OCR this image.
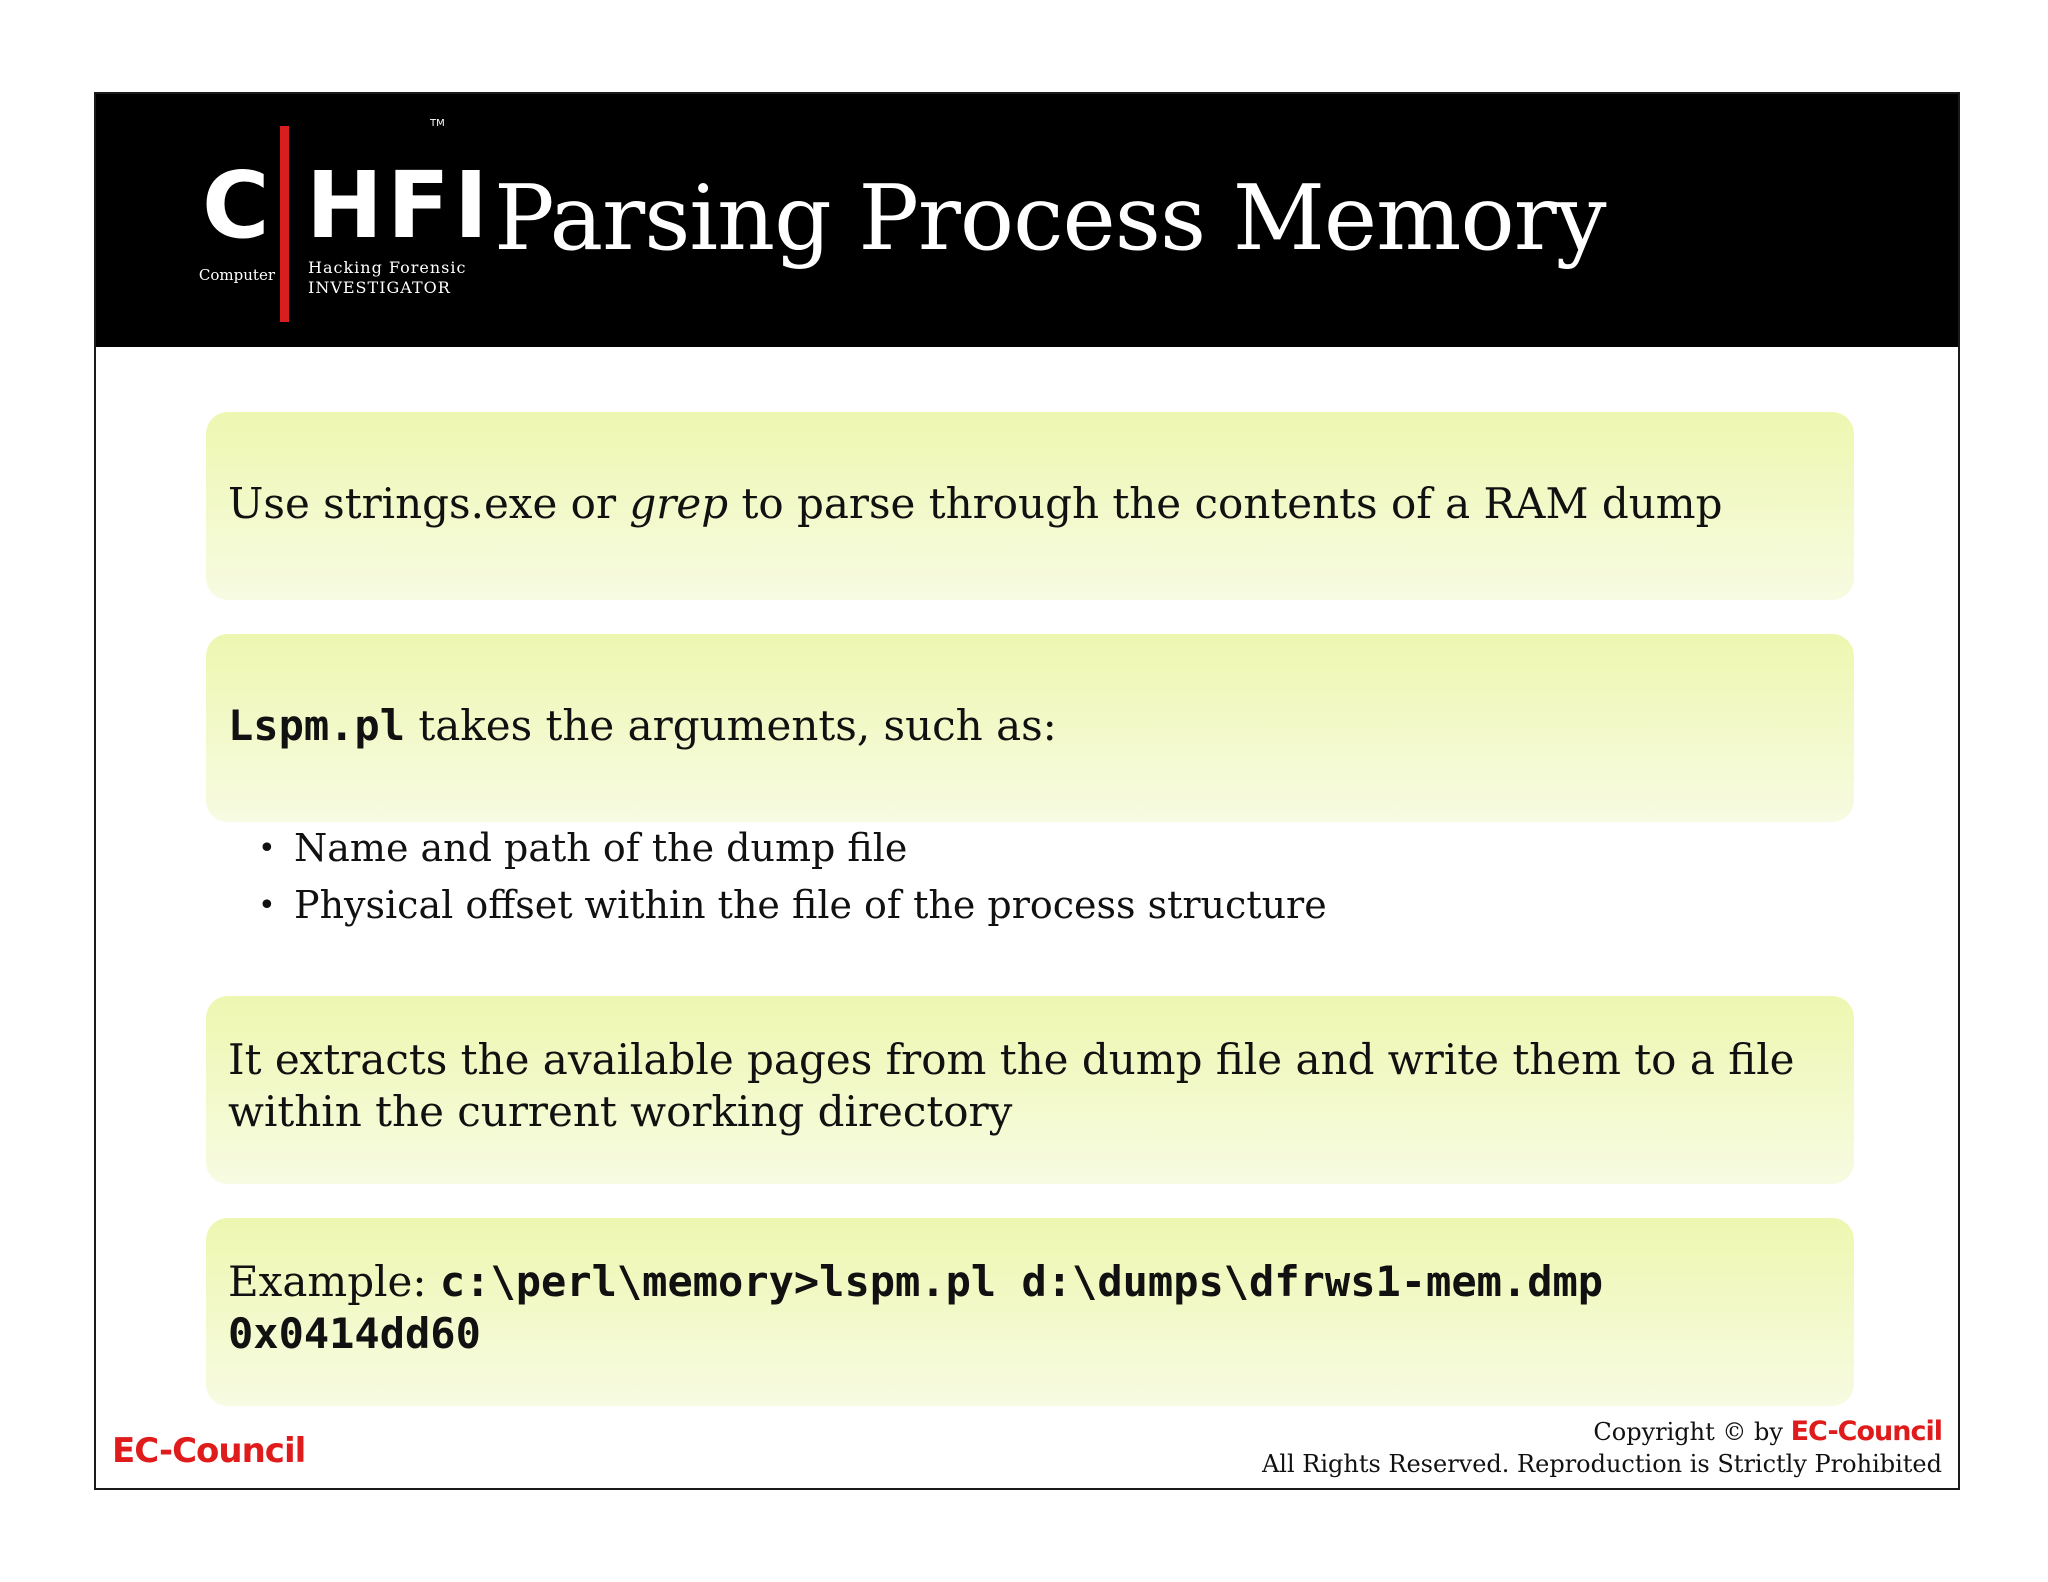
C HFI
TM
Computer Hacking Forensic
INVESTIGATOR
Parsing Process Memory
Use strings.exe or grep to parse through the contents of a RAM dump
Lspm.pl takes the arguments, such as:
• Name and path of the dump file
• Physical offset within the file of the process structure
It extracts the available pages from the dump file and write them to a file
within the current working directory
Example: c:\perl\memory>lspm.pl d:\dumps\dfrws1-mem.dmp
0x0414dd60
EC-Council	Copyright © by EC-Council
All Rights Reserved. Reproduction is Strictly Prohibited
